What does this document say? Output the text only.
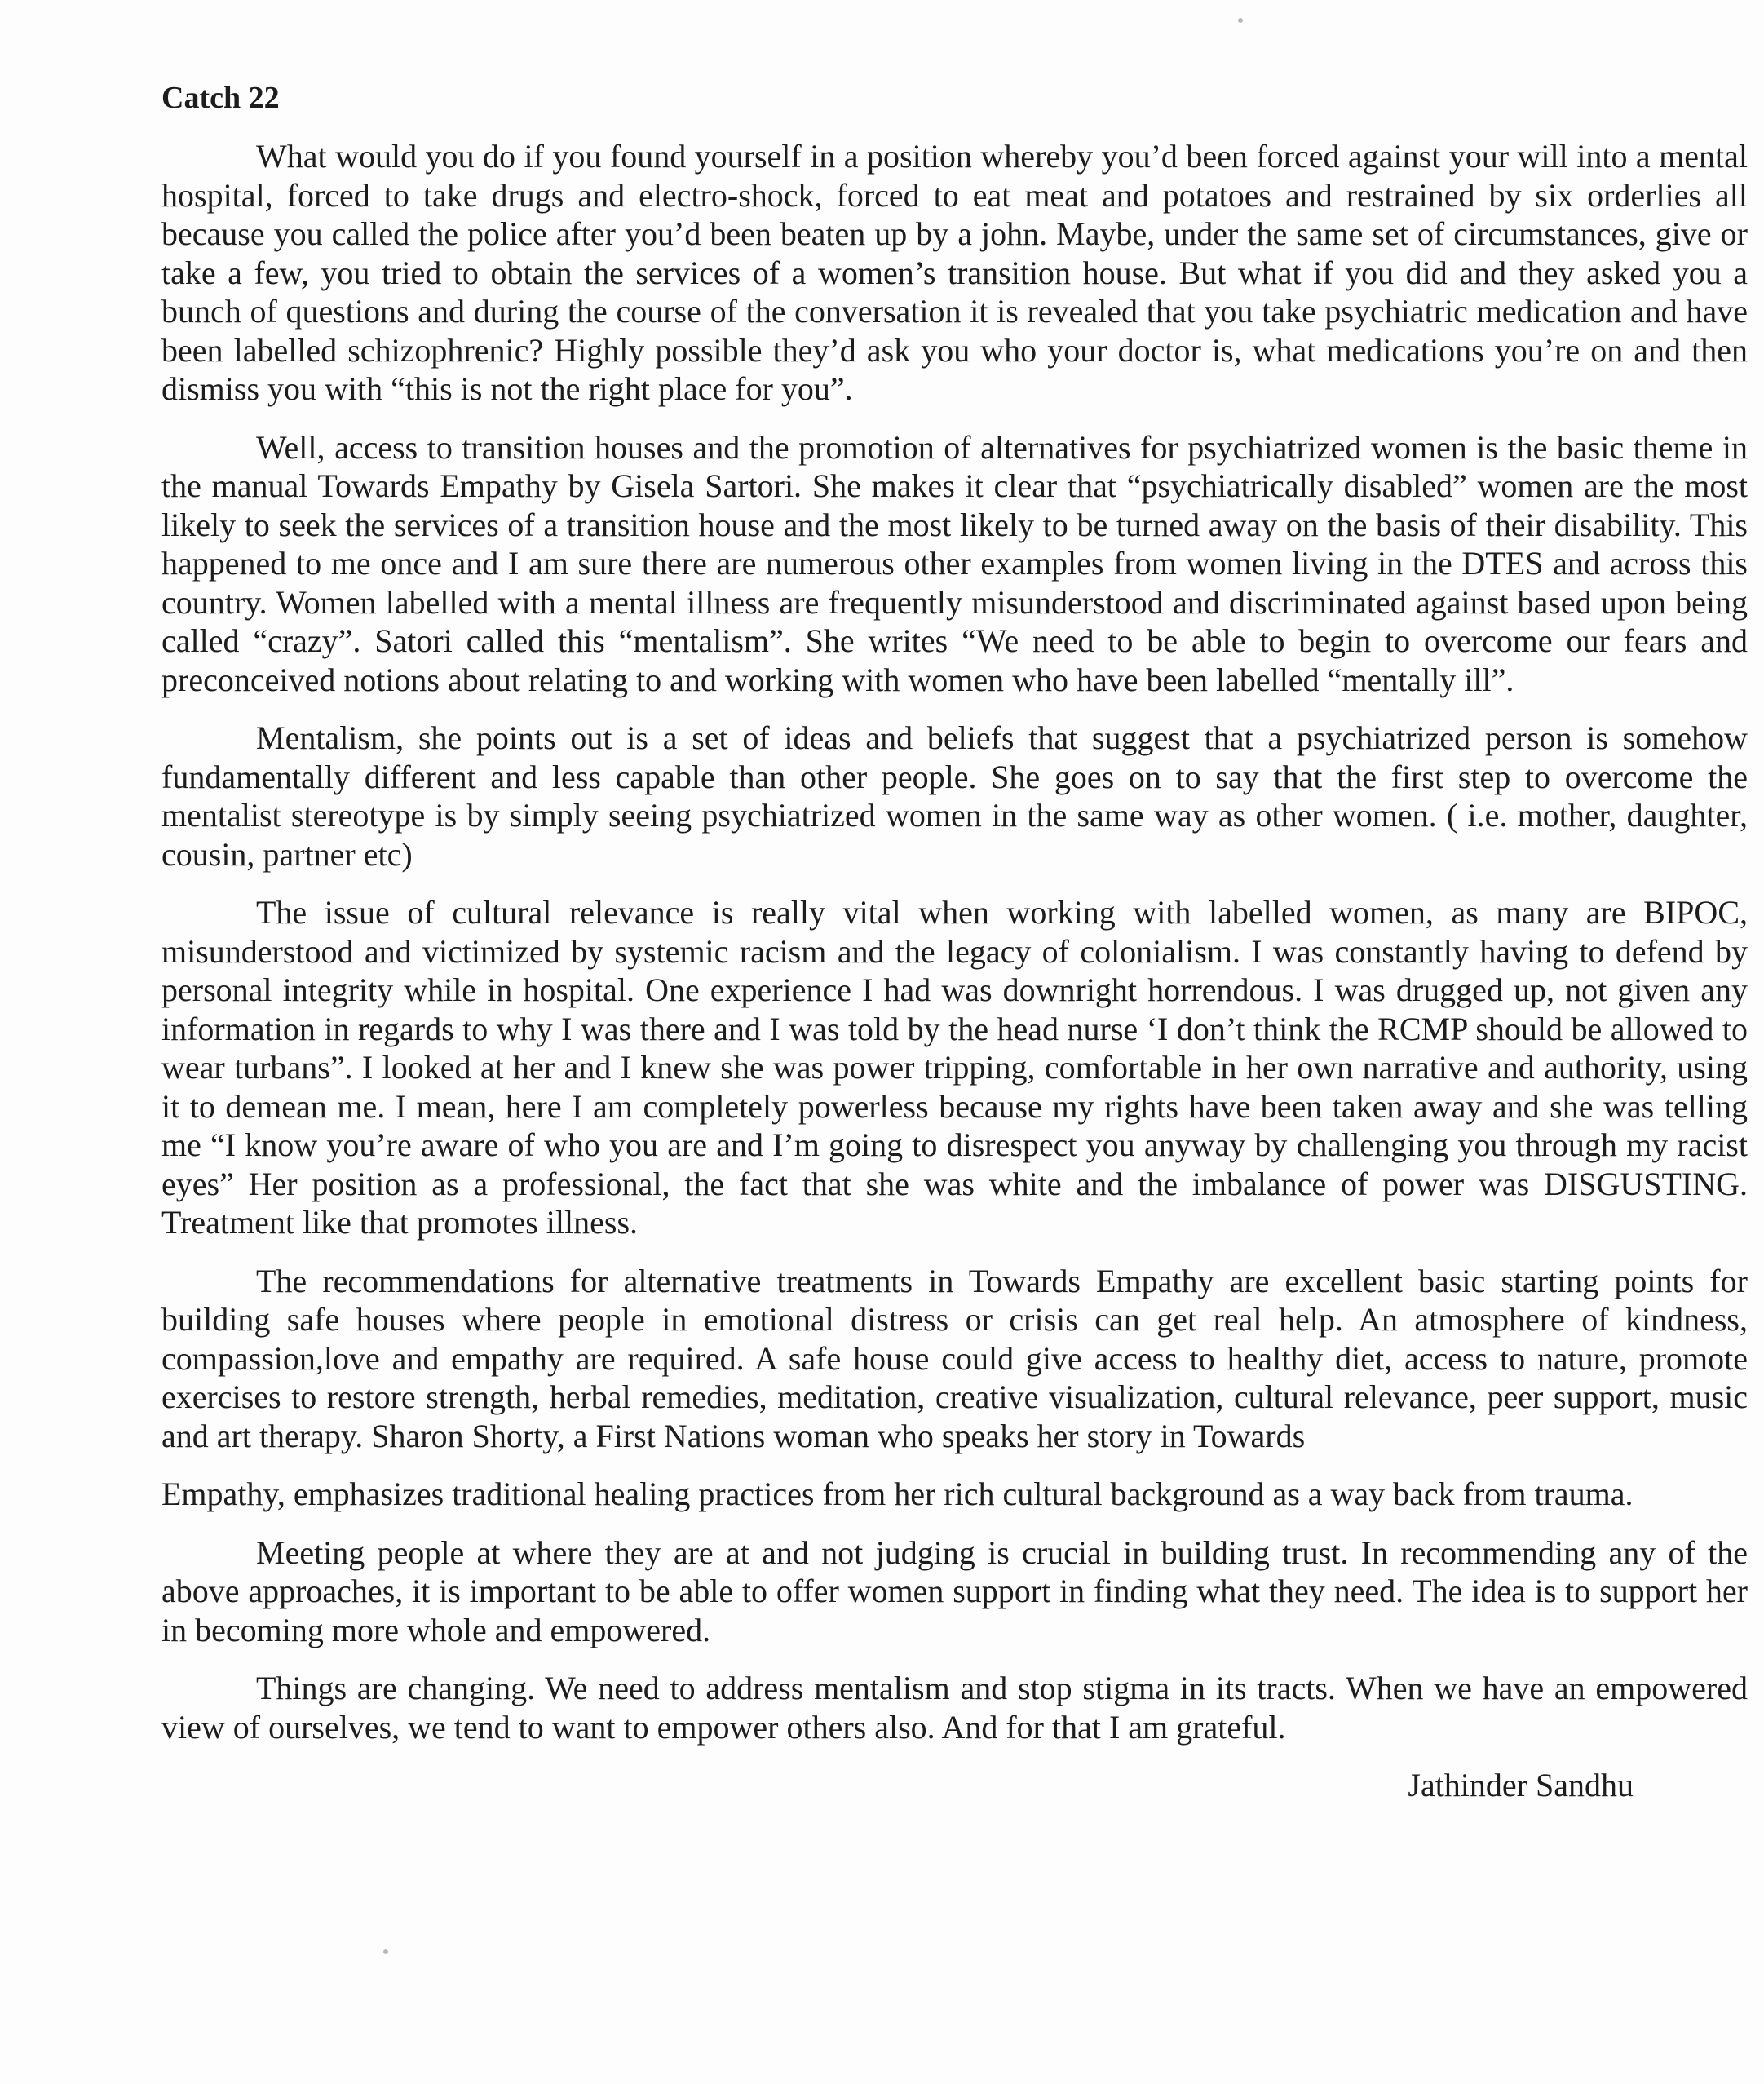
Catch 22

What would you do if you found yourself in a position whereby you’d been forced against your will into a mental hospital, forced to take drugs and electro-shock, forced to eat meat and potatoes and restrained by six orderlies all because you called the police after you’d been beaten up by a john. Maybe, under the same set of circumstances, give or take a few, you tried to obtain the services of a women’s transition house. But what if you did and they asked you a bunch of questions and during the course of the conversation it is revealed that you take psychiatric medication and have been labelled schizophrenic? Highly possible they’d ask you who your doctor is, what medications you’re on and then dismiss you with “this is not the right place for you”.

Well, access to transition houses and the promotion of alternatives for psychiatrized women is the basic theme in the manual Towards Empathy by Gisela Sartori. She makes it clear that “psychiatrically disabled” women are the most likely to seek the services of a transition house and the most likely to be turned away on the basis of their disability. This happened to me once and I am sure there are numerous other examples from women living in the DTES and across this country. Women labelled with a mental illness are frequently misunderstood and discriminated against based upon being called “crazy”. Satori called this “mentalism”. She writes “We need to be able to begin to overcome our fears and preconceived notions about relating to and working with women who have been labelled “mentally ill”.

Mentalism, she points out is a set of ideas and beliefs that suggest that a psychiatrized person is somehow fundamentally different and less capable than other people. She goes on to say that the first step to overcome the mentalist stereotype is by simply seeing psychiatrized women in the same way as other women. ( i.e. mother, daughter, cousin, partner etc)

The issue of cultural relevance is really vital when working with labelled women, as many are BIPOC, misunderstood and victimized by systemic racism and the legacy of colonialism. I was constantly having to defend by personal integrity while in hospital. One experience I had was downright horrendous. I was drugged up, not given any information in regards to why I was there and I was told by the head nurse ‘I don’t think the RCMP should be allowed to wear turbans”. I looked at her and I knew she was power tripping, comfortable in her own narrative and authority, using it to demean me. I mean, here I am completely powerless because my rights have been taken away and she was telling me “I know you’re aware of who you are and I’m going to disrespect you anyway by challenging you through my racist eyes” Her position as a professional, the fact that she was white and the imbalance of power was DISGUSTING. Treatment like that promotes illness.

The recommendations for alternative treatments in Towards Empathy are excellent basic starting points for building safe houses where people in emotional distress or crisis can get real help. An atmosphere of kindness, compassion,love and empathy are required. A safe house could give access to healthy diet, access to nature, promote exercises to restore strength, herbal remedies, meditation, creative visualization, cultural relevance, peer support, music and art therapy. Sharon Shorty, a First Nations woman who speaks her story in Towards

Empathy, emphasizes traditional healing practices from her rich cultural background as a way back from trauma.

Meeting people at where they are at and not judging is crucial in building trust. In recommending any of the above approaches, it is important to be able to offer women support in finding what they need. The idea is to support her in becoming more whole and empowered.

Things are changing. We need to address mentalism and stop stigma in its tracts. When we have an empowered view of ourselves, we tend to want to empower others also. And for that I am grateful.

Jathinder Sandhu
